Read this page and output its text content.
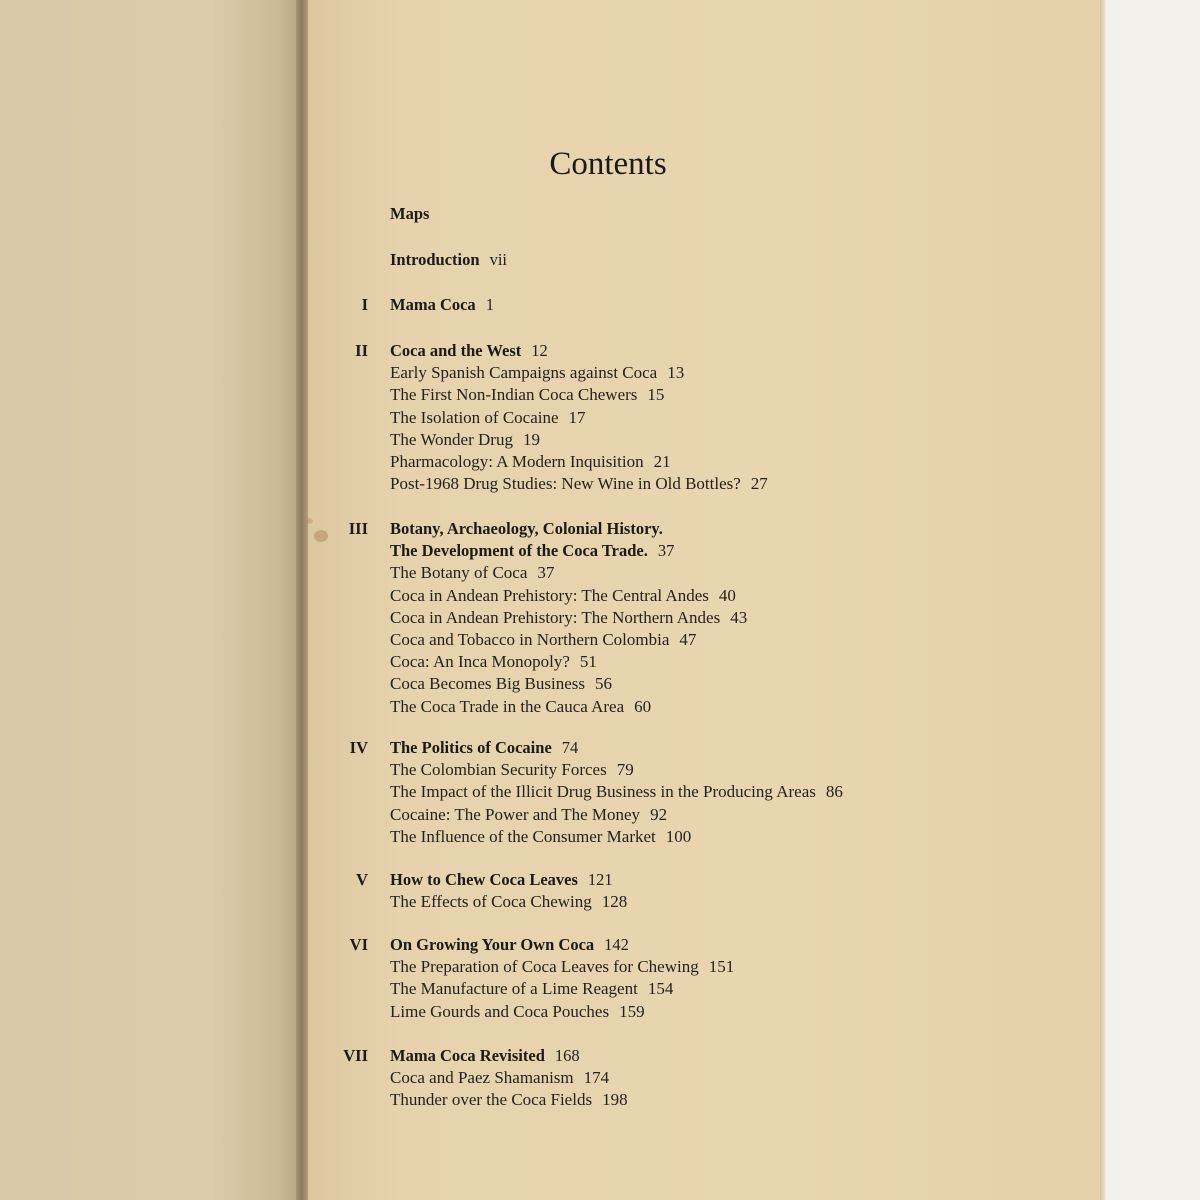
Contents
Maps
Introduction vii
I Mama Coca 1
II Coca and the West 12
Early Spanish Campaigns against Coca 13
The First Non-Indian Coca Chewers 15
The Isolation of Cocaine 17
The Wonder Drug 19
Pharmacology: A Modern Inquisition 21
Post-1968 Drug Studies: New Wine in Old Bottles? 27
III Botany, Archaeology, Colonial History.
The Development of the Coca Trade. 37
The Botany of Coca 37
Coca in Andean Prehistory: The Central Andes 40
Coca in Andean Prehistory: The Northern Andes 43
Coca and Tobacco in Northern Colombia 47
Coca: An Inca Monopoly? 51
Coca Becomes Big Business 56
The Coca Trade in the Cauca Area 60
IV The Politics of Cocaine 74
The Colombian Security Forces 79
The Impact of the Illicit Drug Business in the Producing Areas 86
Cocaine: The Power and The Money 92
The Influence of the Consumer Market 100
V How to Chew Coca Leaves 121
The Effects of Coca Chewing 128
VI On Growing Your Own Coca 142
The Preparation of Coca Leaves for Chewing 151
The Manufacture of a Lime Reagent 154
Lime Gourds and Coca Pouches 159
VII Mama Coca Revisited 168
Coca and Paez Shamanism 174
Thunder over the Coca Fields 198
